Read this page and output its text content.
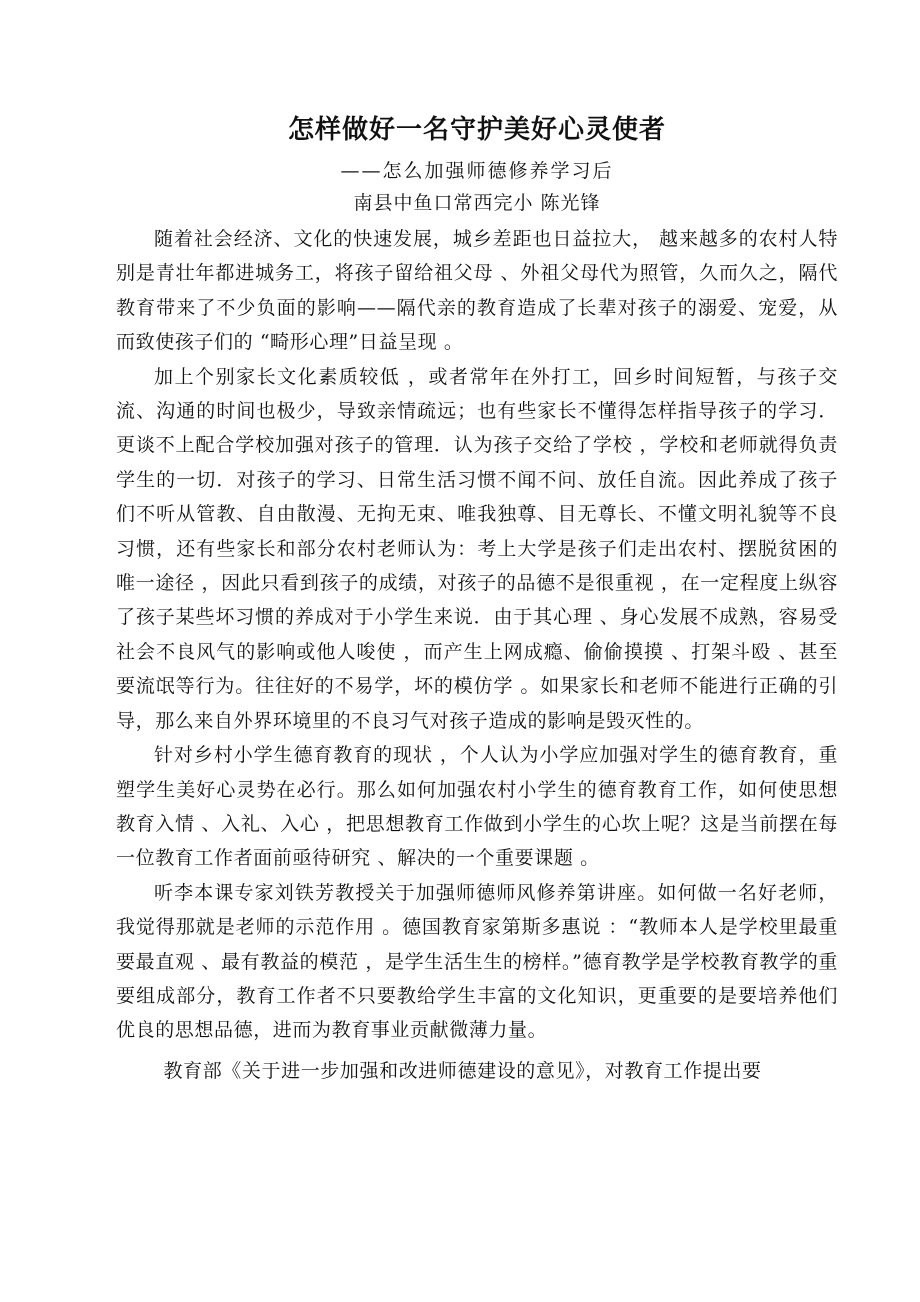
怎样做好一名守护美好心灵使者

——怎么加强师德修养学习后

南县中鱼口常西完小 陈光锋

随着社会经济、文化的快速发展，城乡差距也日益拉大， 越来越多的农村人特别是青壮年都进城务工，将孩子留给祖父母 、外祖父母代为照管，久而久之，隔代教育带来了不少负面的影响——隔代亲的教育造成了长辈对孩子的溺爱、宠爱，从而致使孩子们的 “畸形心理”日益呈现 。

加上个别家长文化素质较低 ，或者常年在外打工，回乡时间短暂，与孩子交流、沟通的时间也极少，导致亲情疏远；也有些家长不懂得怎样指导孩子的学习．更谈不上配合学校加强对孩子的管理．认为孩子交给了学校 ，学校和老师就得负责学生的一切．对孩子的学习、日常生活习惯不闻不问、放任自流。因此养成了孩子们不听从管教、自由散漫、无拘无束、唯我独尊、目无尊长、不懂文明礼貌等不良习惯，还有些家长和部分农村老师认为：考上大学是孩子们走出农村、摆脱贫困的唯一途径 ，因此只看到孩子的成绩，对孩子的品德不是很重视 ，在一定程度上纵容了孩子某些坏习惯的养成对于小学生来说．由于其心理 、身心发展不成熟，容易受社会不良风气的影响或他人唆使 ，而产生上网成瘾、偷偷摸摸 、打架斗殴 、甚至要流氓等行为。往往好的不易学，坏的模仿学 。如果家长和老师不能进行正确的引导，那么来自外界环境里的不良习气对孩子造成的影响是毁灭性的。

针对乡村小学生德育教育的现状 ，个人认为小学应加强对学生的德育教育，重塑学生美好心灵势在必行。那么如何加强农村小学生的德育教育工作，如何使思想教育入情 、入礼、入心 ，把思想教育工作做到小学生的心坎上呢？这是当前摆在每一位教育工作者面前亟待研究 、解决的一个重要课题 。

听李本课专家刘铁芳教授关于加强师德师风修养第讲座。如何做一名好老师，我觉得那就是老师的示范作用 。德国教育家第斯多惠说 ：“教师本人是学校里最重要最直观 、最有教益的模范 ，是学生活生生的榜样。”德育教学是学校教育教学的重要组成部分，教育工作者不只要教给学生丰富的文化知识，更重要的是要培养他们优良的思想品德，进而为教育事业贡献微薄力量。

教育部《关于进一步加强和改进师德建设的意见》，对教育工作提出要
